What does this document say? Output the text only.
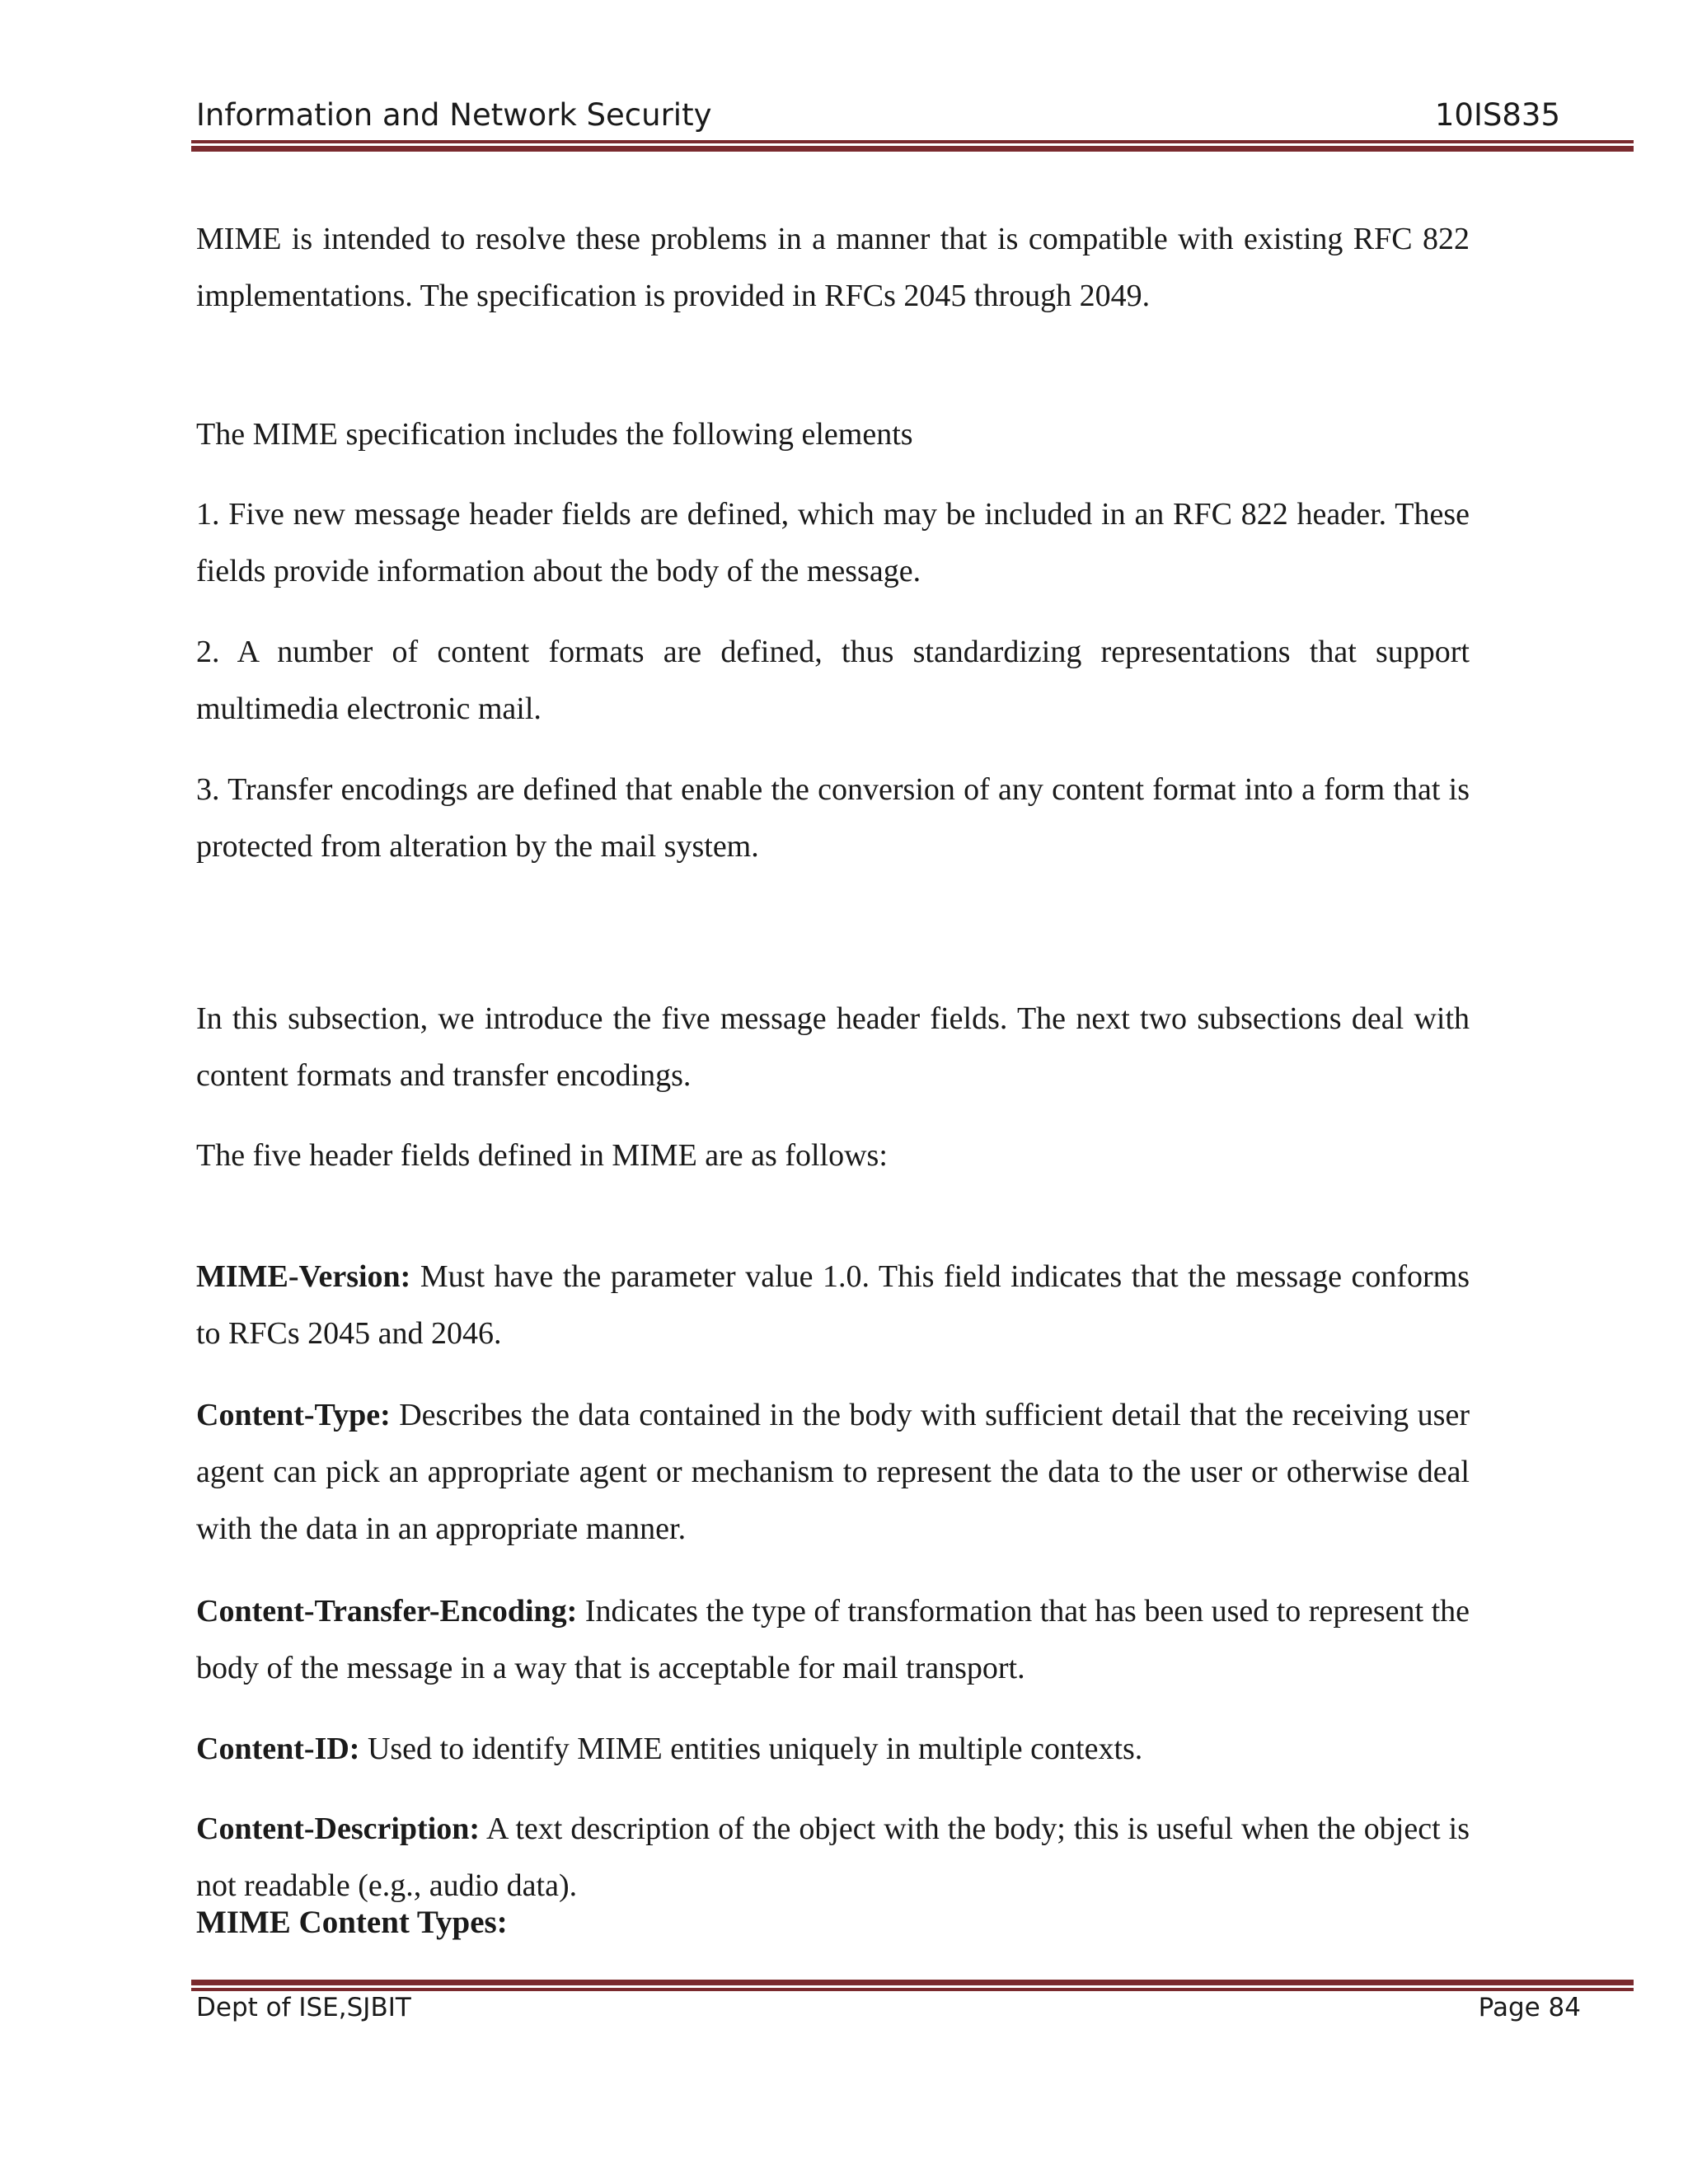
Information and Network Security	10IS835

MIME is intended to resolve these problems in a manner that is compatible with existing RFC 822 implementations. The specification is provided in RFCs 2045 through 2049.

The MIME specification includes the following elements

1. Five new message header fields are defined, which may be included in an RFC 822 header. These fields provide information about the body of the message.

2. A number of content formats are defined, thus standardizing representations that support multimedia electronic mail.

3. Transfer encodings are defined that enable the conversion of any content format into a form that is protected from alteration by the mail system.

In this subsection, we introduce the five message header fields. The next two subsections deal with content formats and transfer encodings.

The five header fields defined in MIME are as follows:

MIME-Version: Must have the parameter value 1.0. This field indicates that the message conforms to RFCs 2045 and 2046.

Content-Type: Describes the data contained in the body with sufficient detail that the receiving user agent can pick an appropriate agent or mechanism to represent the data to the user or otherwise deal with the data in an appropriate manner.

Content-Transfer-Encoding: Indicates the type of transformation that has been used to represent the body of the message in a way that is acceptable for mail transport.

Content-ID: Used to identify MIME entities uniquely in multiple contexts.

Content-Description: A text description of the object with the body; this is useful when the object is not readable (e.g., audio data).

MIME Content Types:

Dept of ISE,SJBIT	Page 84
